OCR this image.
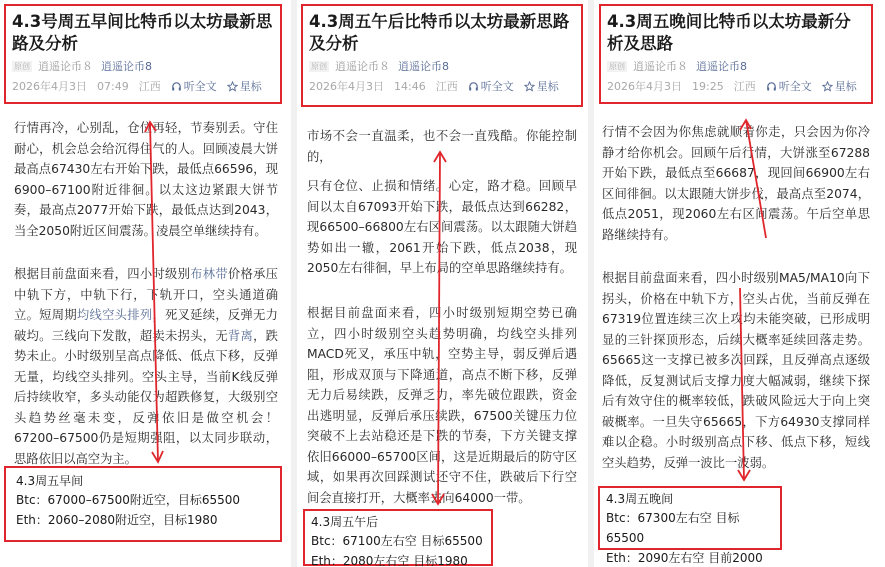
4.3号周五早间比特币以太坊最新思路及分析

原创 逍遥论币８ 逍遥论币8
2026年4月3日 07:49 江西 听全文 星标

行情再冷，心别乱，仓位再轻，节奏别丢。守住耐心，机会总会给沉得住气的人。回顾凌晨大饼最高点67430左右开始下跌，最低点66596，现6900–67100附近徘徊。以太这边紧跟大饼节奏，最高点2077开始下跌，最低点达到2043，当全2050附近区间震荡。凌晨空单继续持有。

根据目前盘面来看，四小时级别布林带价格承压中轨下方，中轨下行，下轨开口，空头通道确立。短周期均线空头排列，死叉延续，反弹无力破均。三线向下发散，超卖未拐头，无背离，跌势未止。小时级别呈高点降低、低点下移，反弹无量，均线空头排列。空头主导，当前K线反弹后持续收窄，多头动能仅为超跌修复，大级别空头趋势丝毫未变，反弹依旧是做空机会！67200–67500仍是短期强阻，以太同步联动，思路依旧以高空为主。

4.3周五早间
Btc：67000–67500附近空，目标65500
Eth：2060–2080附近空，目标1980

4.3周五午后比特币以太坊最新思路及分析

原创 逍遥论币８ 逍遥论币8
2026年4月3日 14:46 江西 听全文 星标

市场不会一直温柔，也不会一直残酷。你能控制的，

只有仓位、止损和情绪。心定，路才稳。回顾早间以太自67093开始下跌，最低点达到66282，现66500–66800左右区间震荡。以太跟随大饼趋势如出一辙，2061开始下跌，低点2038，现2050左右徘徊，早上布局的空单思路继续持有。

根据目前盘面来看，四小时级别短期空势已确立，四小时级别空头趋势明确，均线空头排列MACD死叉，承压中轨，空势主导，弱反弹后遇阻，形成双顶与下降通道，高点不断下移，反弹无力后易续跌，反弹乏力，率先破位跟跌，资金出逃明显，反弹后承压续跌，67500关键压力位突破不上去站稳还是下跌的节奏，下方关键支撑依旧66000–65700区间，这是近期最后的防守区域，如果再次回踩测试还守不住，跌破后下行空间会直接打开，大概率去向64000一带。

4.3周五午后
Btc：67100左右空 目标65500
Eth：2080左右空 目标1980

4.3周五晚间比特币以太坊最新分析及思路

原创 逍遥论币８ 逍遥论币8
2026年4月3日 19:25 江西 听全文 星标

行情不会因为你焦虑就顺着你走，只会因为你冷静才给你机会。回顾午后行情，大饼涨至67288开始下跌，最低点至66687，现回间66900左右区间徘徊。以太跟随大饼步伐，最高点至2074，低点2051，现2060左右区间震荡。午后空单思路继续持有。

根据目前盘面来看，四小时级别MA5/MA10向下拐头，价格在中轨下方，空头占优，当前反弹在67319位置连续三次上攻均未能突破，已形成明显的三针探顶形态，后续大概率延续回落走势。65665这一支撑已被多次回踩，且反弹高点逐级降低，反复测试后支撑力度大幅减弱，继续下探后有效守住的概率较低，跌破风险远大于向上突破概率。一旦失守65665，下方64930支撑同样难以企稳。小时级别高点下移、低点下移，短线空头趋势，反弹一波比一波弱。

4.3周五晚间
Btc：67300左右空 目标65500
Eth：2090左右空 目前2000
